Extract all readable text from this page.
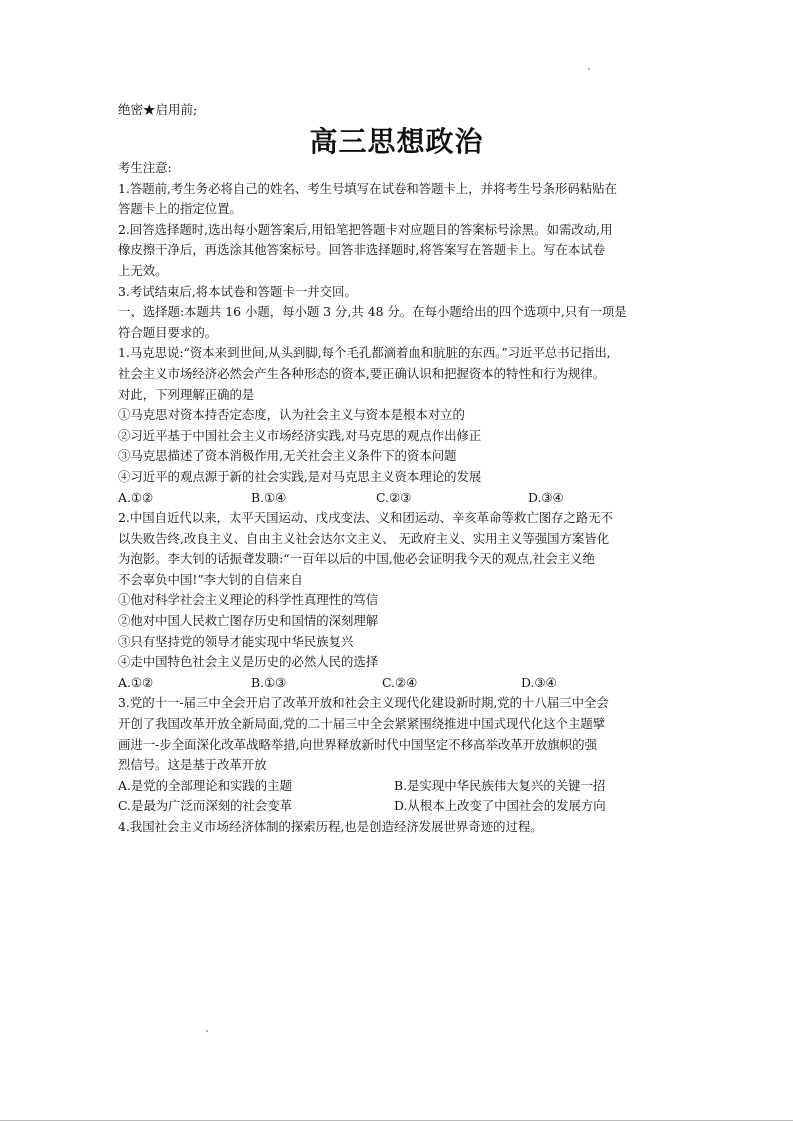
绝密★启用前;
高三思想政治
考生注意:
1.答题前,考生务必将自己的姓名、考生号填写在试卷和答题卡上，并将考生号条形码粘贴在
答题卡上的指定位置。
2.回答选择题时,选出每小题答案后,用铅笔把答题卡对应题目的答案标号涂黑。如需改动,用
橡皮擦干净后，再选涂其他答案标号。回答非选择题时,将答案写在答题卡上。写在本试卷
上无效。
3.考试结束后,将本试卷和答题卡一并交回。
一、选择题:本题共 16 小题，每小题 3 分,共 48 分。在每小题给出的四个选项中,只有一项是
符合题目要求的。
1.马克思说:“资本来到世间,从头到脚,每个毛孔都滴着血和肮脏的东西。”习近平总书记指出,
社会主义市场经济必然会产生各种形态的资本,要正确认识和把握资本的特性和行为规律。
对此，下列理解正确的是
①马克思对资本持否定态度，认为社会主义与资本是根本对立的
②习近平基于中国社会主义市场经济实践,对马克思的观点作出修正
③马克思描述了资本消极作用,无关社会主义条件下的资本问题
④习近平的观点源于新的社会实践,是对马克思主义资本理论的发展
A.①②	B.①④	C.②③	D.③④
2.中国自近代以来，太平天国运动、戊戌变法、义和团运动、辛亥革命等救亡图存之路无不
以失败告终,改良主义、自由主义社会达尔文主义、 无政府主义、实用主义等强国方案皆化
为泡影。李大钊的话振聋发聩:“一百年以后的中国,他必会证明我今天的观点,社会主义绝
不会辜负中国!”李大钊的自信来自
①他对科学社会主义理论的科学性真理性的笃信
②他对中国人民救亡图存历史和国情的深刻理解
③只有坚持党的领导才能实现中华民族复兴
④走中国特色社会主义是历史的必然人民的选择
A.①②	B.①③	C.②④	D.③④
3.党的十一-届三中全会开启了改革开放和社会主义现代化建设新时期,党的十八届三中全会
开创了我国改革开放全新局面,党的二十届三中全会紧紧围绕推进中国式现代化这个主题擘
画进一-步全面深化改革战略举措,向世界释放新时代中国坚定不移高举改革开放旗帜的强
烈信号。这是基于改革开放
A.是党的全部理论和实践的主题	B.是实现中华民族伟大复兴的关键一招
C.是最为广泛而深刻的社会变革	D.从根本上改变了中国社会的发展方向
4.我国社会主义市场经济体制的探索历程,也是创造经济发展世界奇迹的过程。
